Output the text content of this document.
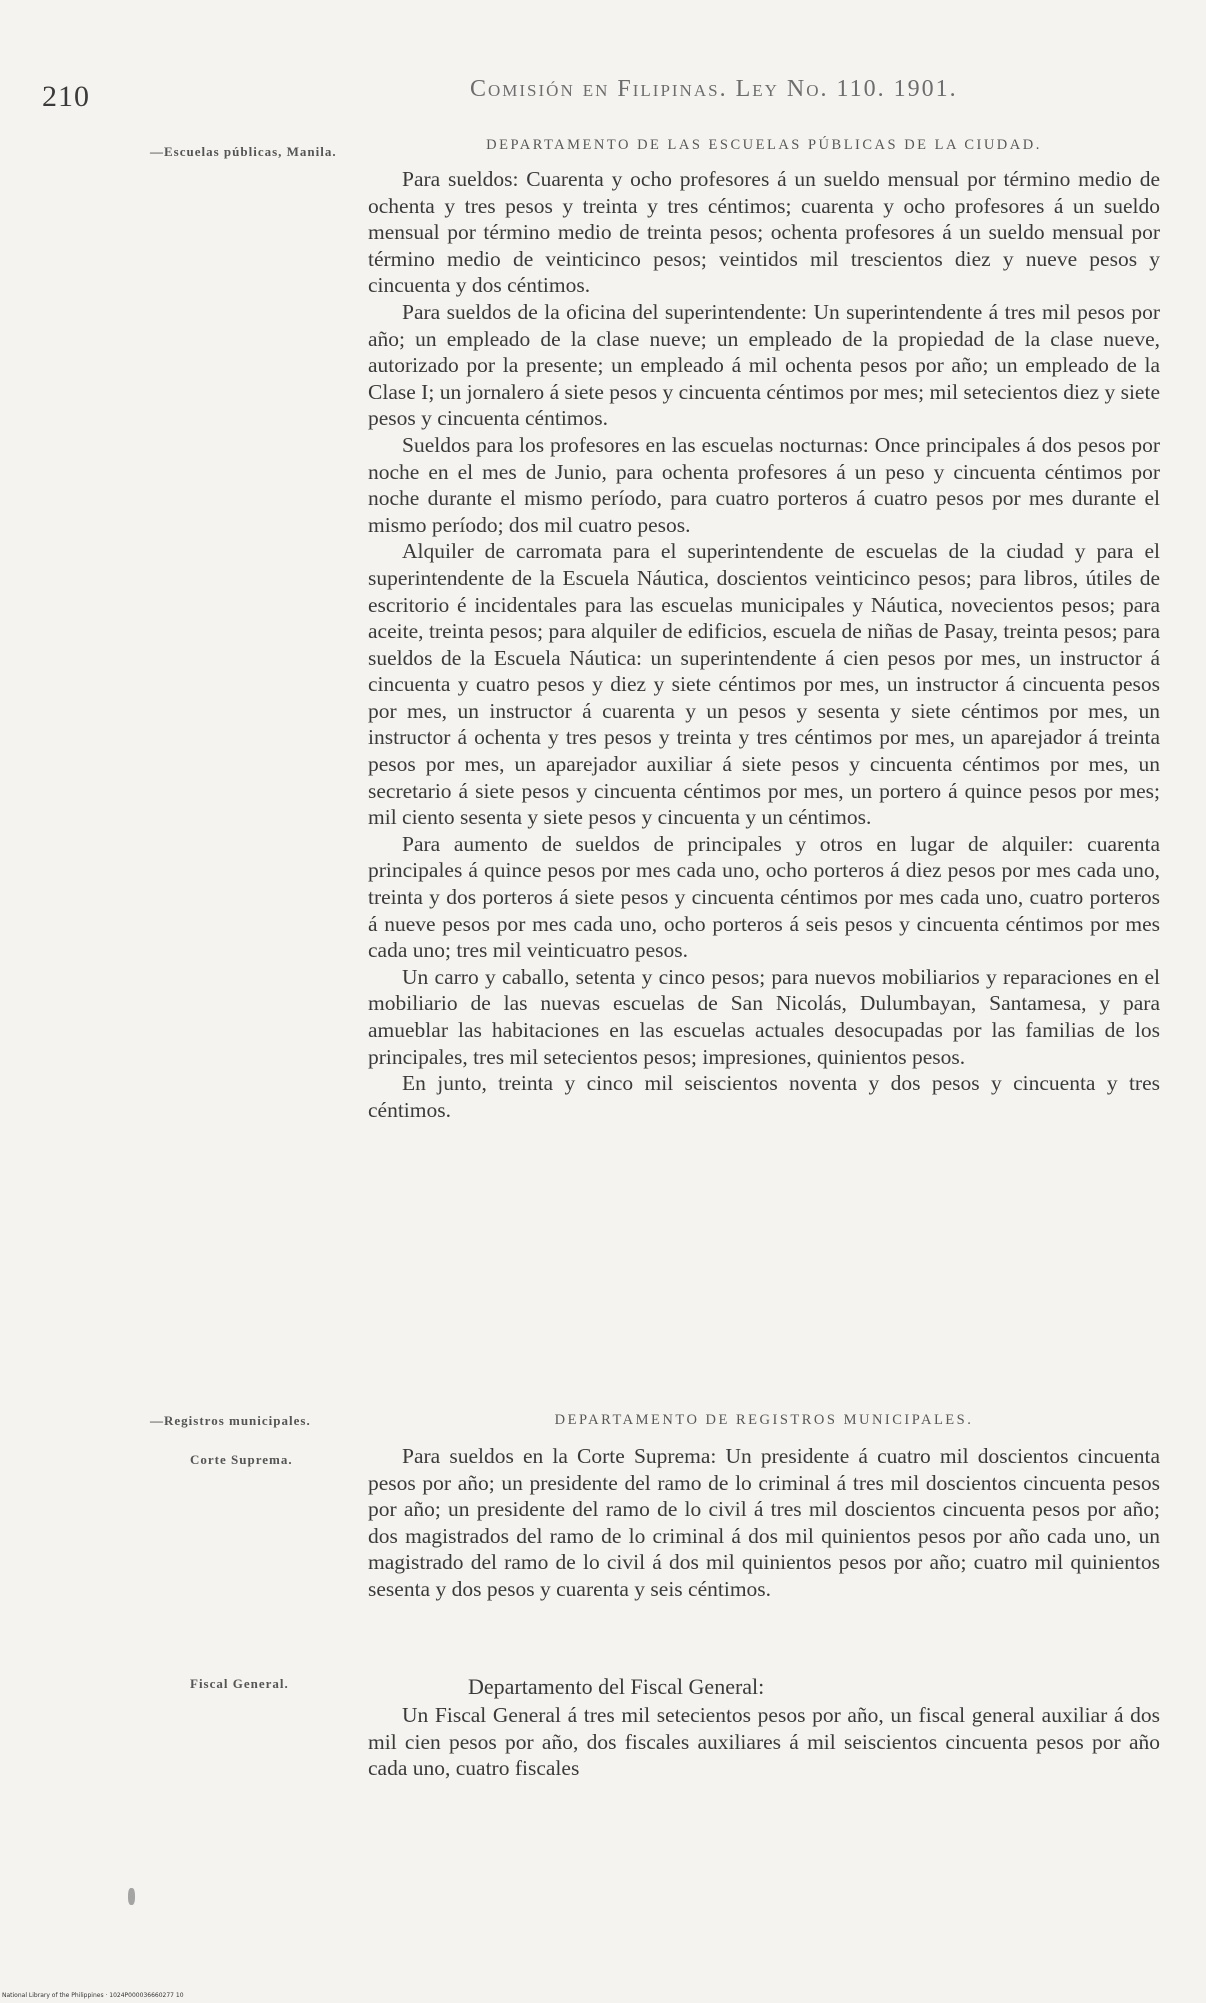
210	Comisión en Filipinas. Ley No. 110. 1901.
—Escuelas públicas, Manila.
—Registros municipales.
Corte Suprema.
Fiscal General.
DEPARTAMENTO DE LAS ESCUELAS PÚBLICAS DE LA CIUDAD.

Para sueldos: Cuarenta y ocho profesores á un sueldo mensual por término medio de ochenta y tres pesos y treinta y tres céntimos; cuarenta y ocho profesores á un sueldo mensual por término medio de treinta pesos; ochenta profesores á un sueldo mensual por término medio de veinticinco pesos; veintidos mil trescientos diez y nueve pesos y cincuenta y dos céntimos.

Para sueldos de la oficina del superintendente: Un superintendente á tres mil pesos por año; un empleado de la clase nueve; un empleado de la propiedad de la clase nueve, autorizado por la presente; un empleado á mil ochenta pesos por año; un empleado de la Clase I; un jornalero á siete pesos y cincuenta céntimos por mes; mil setecientos diez y siete pesos y cincuenta céntimos.

Sueldos para los profesores en las escuelas nocturnas: Once principales á dos pesos por noche en el mes de Junio, para ochenta profesores á un peso y cincuenta céntimos por noche durante el mismo período, para cuatro porteros á cuatro pesos por mes durante el mismo período; dos mil cuatro pesos.

Alquiler de carromata para el superintendente de escuelas de la ciudad y para el superintendente de la Escuela Náutica, doscientos veinticinco pesos; para libros, útiles de escritorio é incidentales para las escuelas municipales y Náutica, novecientos pesos; para aceite, treinta pesos; para alquiler de edificios, escuela de niñas de Pasay, treinta pesos; para sueldos de la Escuela Náutica: un superintendente á cien pesos por mes, un instructor á cincuenta y cuatro pesos y diez y siete céntimos por mes, un instructor á cincuenta pesos por mes, un instructor á cuarenta y un pesos y sesenta y siete céntimos por mes, un instructor á ochenta y tres pesos y treinta y tres céntimos por mes, un aparejador á treinta pesos por mes, un aparejador auxiliar á siete pesos y cincuenta céntimos por mes, un secretario á siete pesos y cincuenta céntimos por mes, un portero á quince pesos por mes; mil ciento sesenta y siete pesos y cincuenta y un céntimos.

Para aumento de sueldos de principales y otros en lugar de alquiler: cuarenta principales á quince pesos por mes cada uno, ocho porteros á diez pesos por mes cada uno, treinta y dos porteros á siete pesos y cincuenta céntimos por mes cada uno, cuatro porteros á nueve pesos por mes cada uno, ocho porteros á seis pesos y cincuenta céntimos por mes cada uno; tres mil veinticuatro pesos.

Un carro y caballo, setenta y cinco pesos; para nuevos mobiliarios y reparaciones en el mobiliario de las nuevas escuelas de San Nicolás, Dulumbayan, Santamesa, y para amueblar las habitaciones en las escuelas actuales desocupadas por las familias de los principales, tres mil setecientos pesos; impresiones, quinientos pesos.

En junto, treinta y cinco mil seiscientos noventa y dos pesos y cincuenta y tres céntimos.

DEPARTAMENTO DE REGISTROS MUNICIPALES.

Para sueldos en la Corte Suprema: Un presidente á cuatro mil doscientos cincuenta pesos por año; un presidente del ramo de lo criminal á tres mil doscientos cincuenta pesos por año; un presidente del ramo de lo civil á tres mil doscientos cincuenta pesos por año; dos magistrados del ramo de lo criminal á dos mil quinientos pesos por año cada uno, un magistrado del ramo de lo civil á dos mil quinientos pesos por año; cuatro mil quinientos sesenta y dos pesos y cuarenta y seis céntimos.

Departamento del Fiscal General:

Un Fiscal General á tres mil setecientos pesos por año, un fiscal general auxiliar á dos mil cien pesos por año, dos fiscales auxiliares á mil seiscientos cincuenta pesos por año cada uno, cuatro fiscales

National Library of the Philippines · 1024P000036660277 10
